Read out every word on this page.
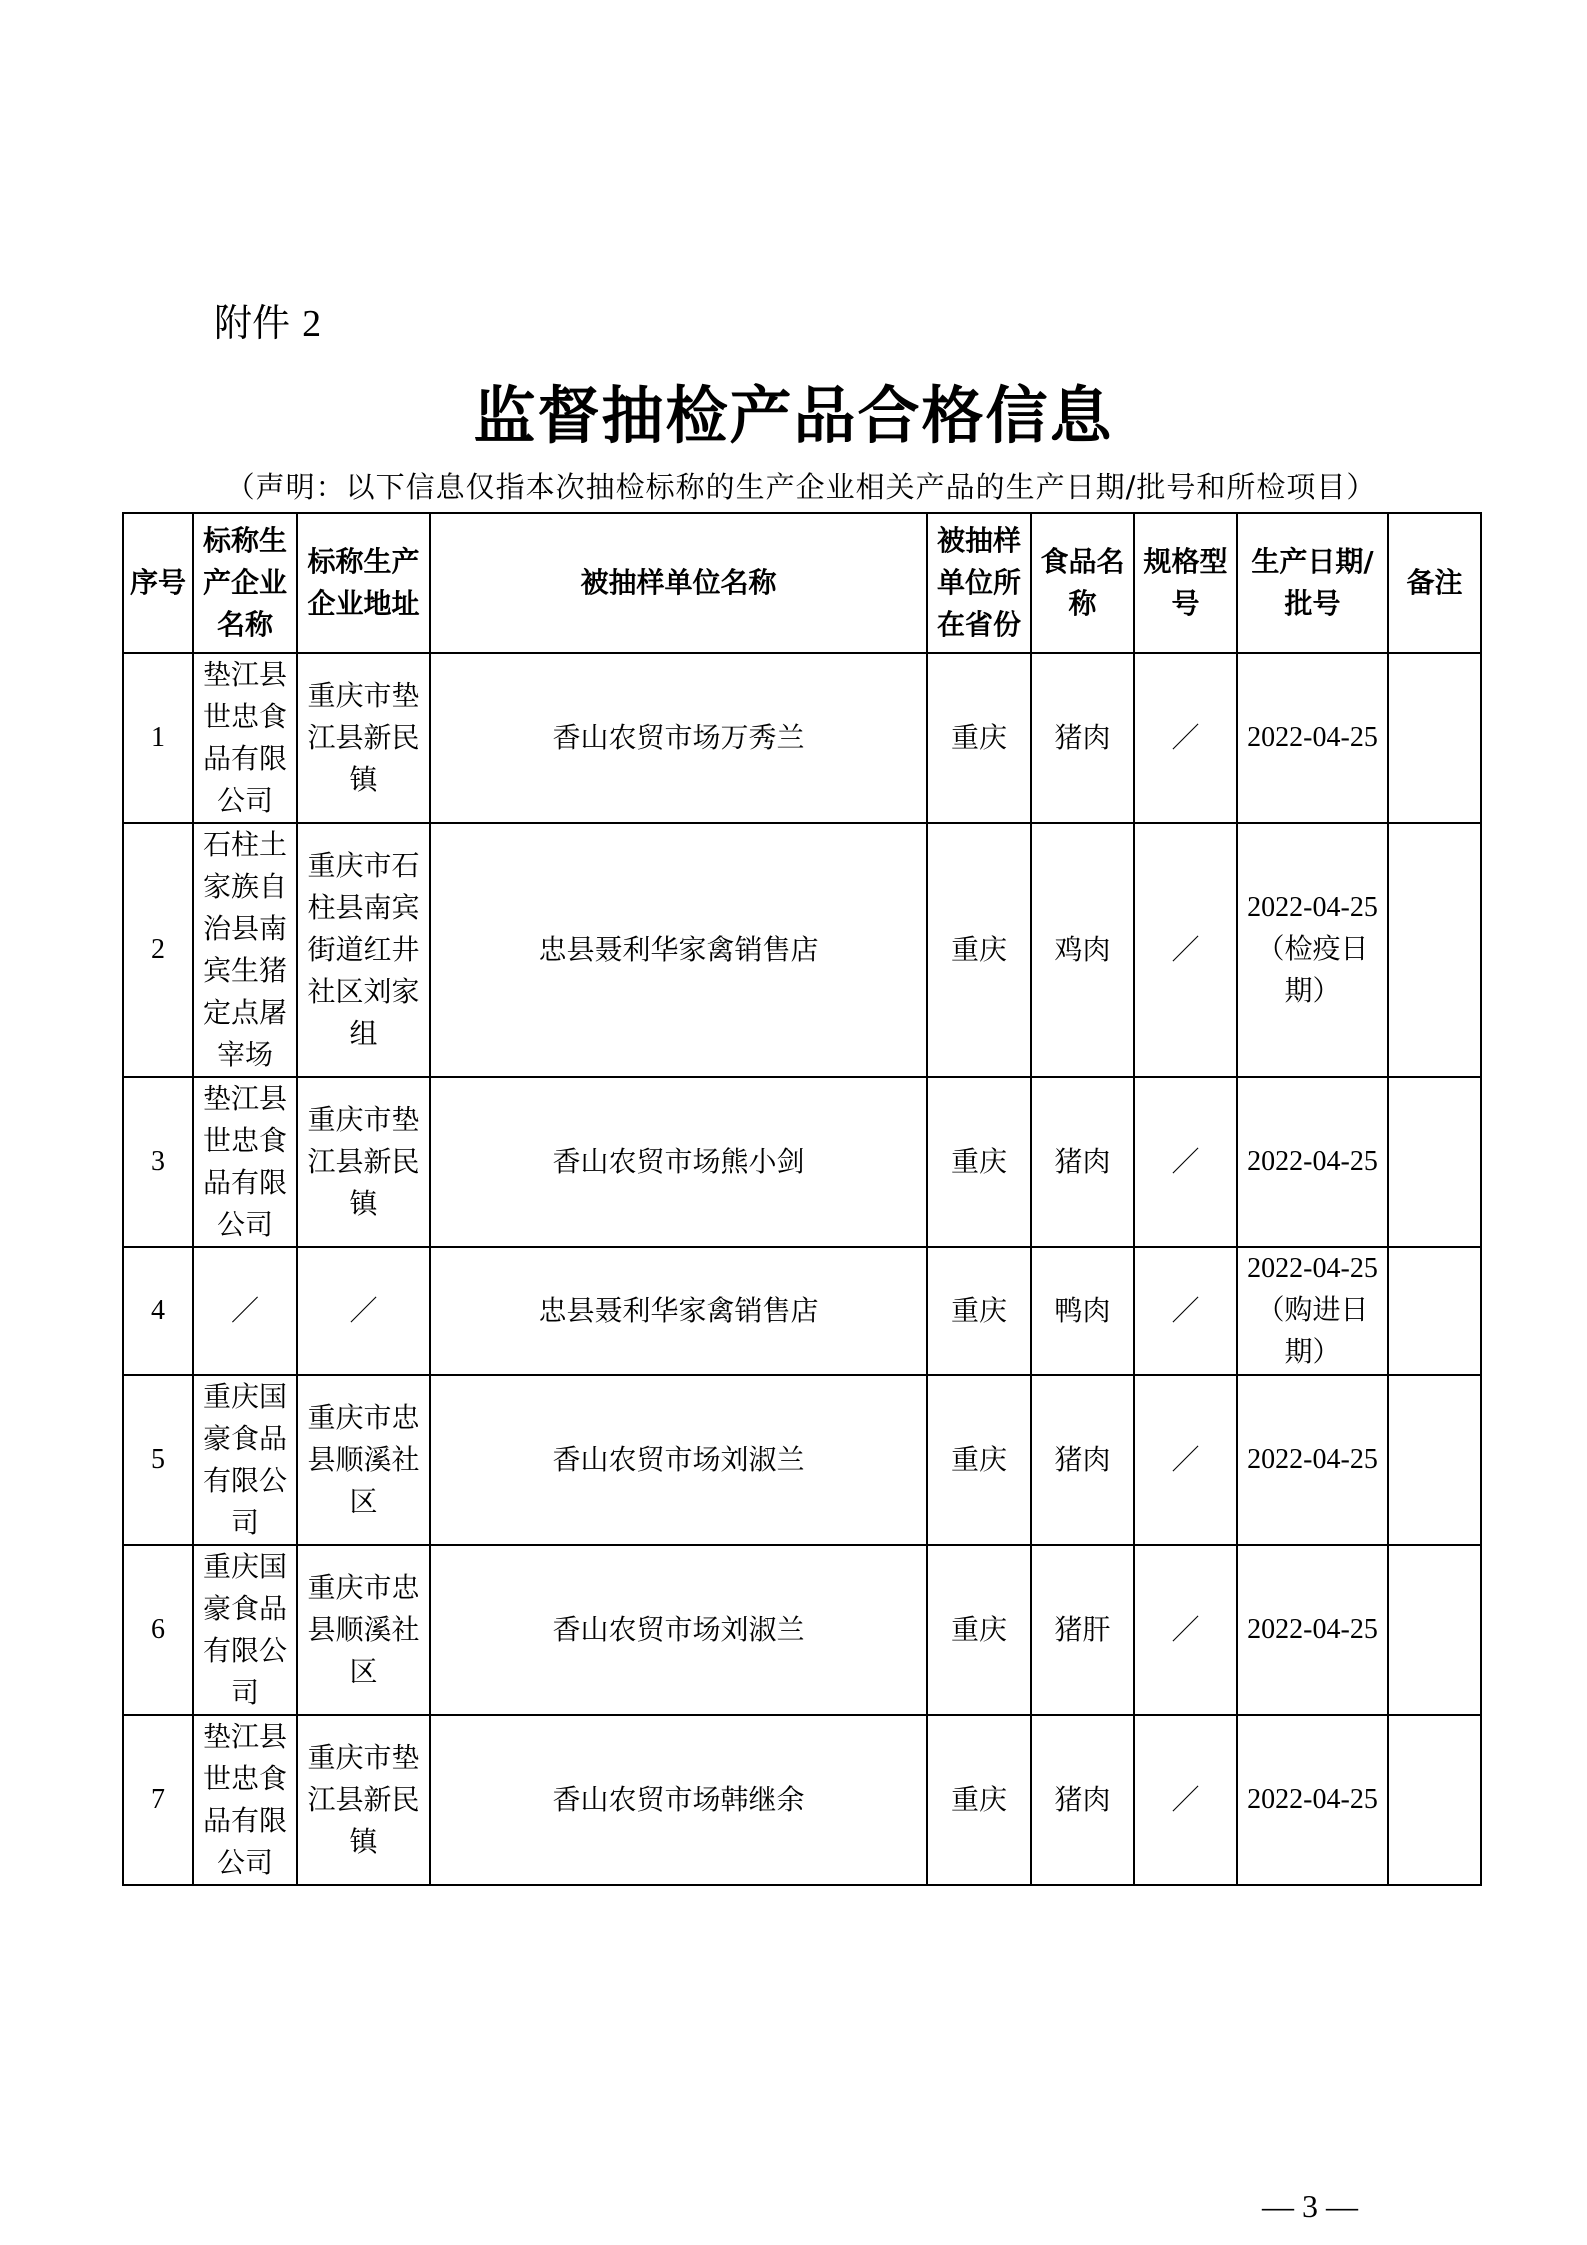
附件 2
监督抽检产品合格信息
（声明：以下信息仅指本次抽检标称的生产企业相关产品的生产日期/批号和所检项目）
序号	标称生产企业名称	标称生产企业地址	被抽样单位名称	被抽样单位所在省份	食品名称	规格型号	生产日期/批号	备注
1	垫江县世忠食品有限公司	重庆市垫江县新民镇	香山农贸市场万秀兰	重庆	猪肉	／	2022-04-25	
2	石柱土家族自治县南宾生猪定点屠宰场	重庆市石柱县南宾街道红井社区刘家组	忠县聂利华家禽销售店	重庆	鸡肉	／	2022-04-25（检疫日期）	
3	垫江县世忠食品有限公司	重庆市垫江县新民镇	香山农贸市场熊小剑	重庆	猪肉	／	2022-04-25	
4	／	／	忠县聂利华家禽销售店	重庆	鸭肉	／	2022-04-25（购进日期）	
5	重庆国豪食品有限公司	重庆市忠县顺溪社区	香山农贸市场刘淑兰	重庆	猪肉	／	2022-04-25	
6	重庆国豪食品有限公司	重庆市忠县顺溪社区	香山农贸市场刘淑兰	重庆	猪肝	／	2022-04-25	
7	垫江县世忠食品有限公司	重庆市垫江县新民镇	香山农贸市场韩继余	重庆	猪肉	／	2022-04-25	
— 3 —
